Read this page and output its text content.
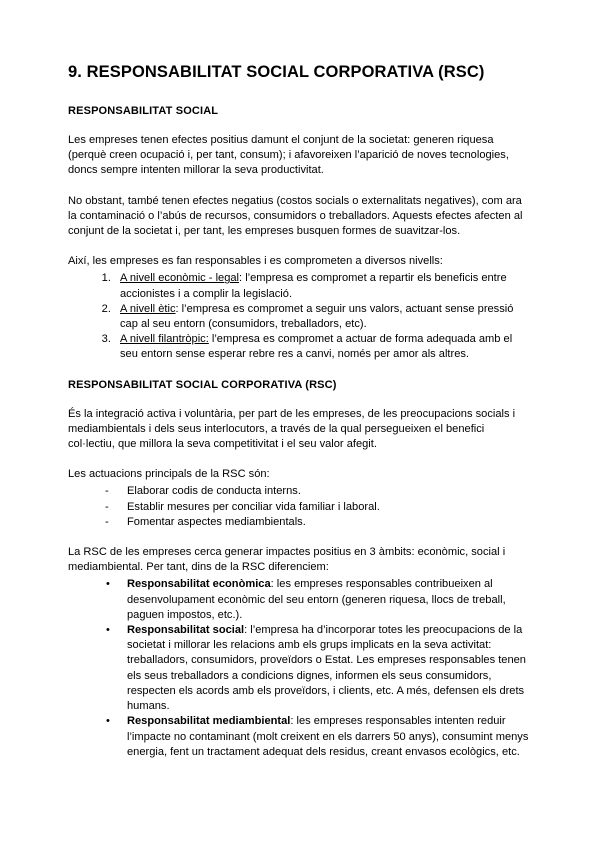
9. RESPONSABILITAT SOCIAL CORPORATIVA (RSC)
RESPONSABILITAT SOCIAL

Les empreses tenen efectes positius damunt el conjunt de la societat: generen riquesa (perquè creen ocupació i, per tant, consum); i afavoreixen l’aparició de noves tecnologies, doncs sempre intenten millorar la seva productivitat.

No obstant, també tenen efectes negatius (costos socials o externalitats negatives), com ara la contaminació o l’abús de recursos, consumidors o treballadors. Aquests efectes afecten al conjunt de la societat i, per tant, les empreses busquen formes de suavitzar-los.

Així, les empreses es fan responsables i es comprometen a diversos nivells:

1. A nivell econòmic - legal: l’empresa es compromet a repartir els beneficis entre accionistes i a complir la legislació.
2. A nivell ètic: l’empresa es compromet a seguir uns valors, actuant sense pressió cap al seu entorn (consumidors, treballadors, etc).
3. A nivell filantròpic: l’empresa es compromet a actuar de forma adequada amb el seu entorn sense esperar rebre res a canvi, només per amor als altres.
RESPONSABILITAT SOCIAL CORPORATIVA (RSC)

És la integració activa i voluntària, per part de les empreses, de les preocupacions socials i mediambientals i dels seus interlocutors, a través de la qual persegueixen el benefici col·lectiu, que millora la seva competitivitat i el seu valor afegit.

Les actuacions principals de la RSC són:

- Elaborar codis de conducta interns.
- Establir mesures per conciliar vida familiar i laboral.
- Fomentar aspectes mediambientals.

La RSC de les empreses cerca generar impactes positius en 3 àmbits: econòmic, social i mediambiental. Per tant, dins de la RSC diferenciem:

• Responsabilitat econòmica: les empreses responsables contribueixen al desenvolupament econòmic del seu entorn (generen riquesa, llocs de treball, paguen impostos, etc.).
• Responsabilitat social: l’empresa ha d’incorporar totes les preocupacions de la societat i millorar les relacions amb els grups implicats en la seva activitat: treballadors, consumidors, proveïdors o Estat. Les empreses responsables tenen els seus treballadors a condicions dignes, informen els seus consumidors, respecten els acords amb els proveïdors, i clients, etc. A més, defensen els drets humans.
• Responsabilitat mediambiental: les empreses responsables intenten reduir l’impacte no contaminant (molt creixent en els darrers 50 anys), consumint menys energia, fent un tractament adequat dels residus, creant envasos ecològics, etc.
